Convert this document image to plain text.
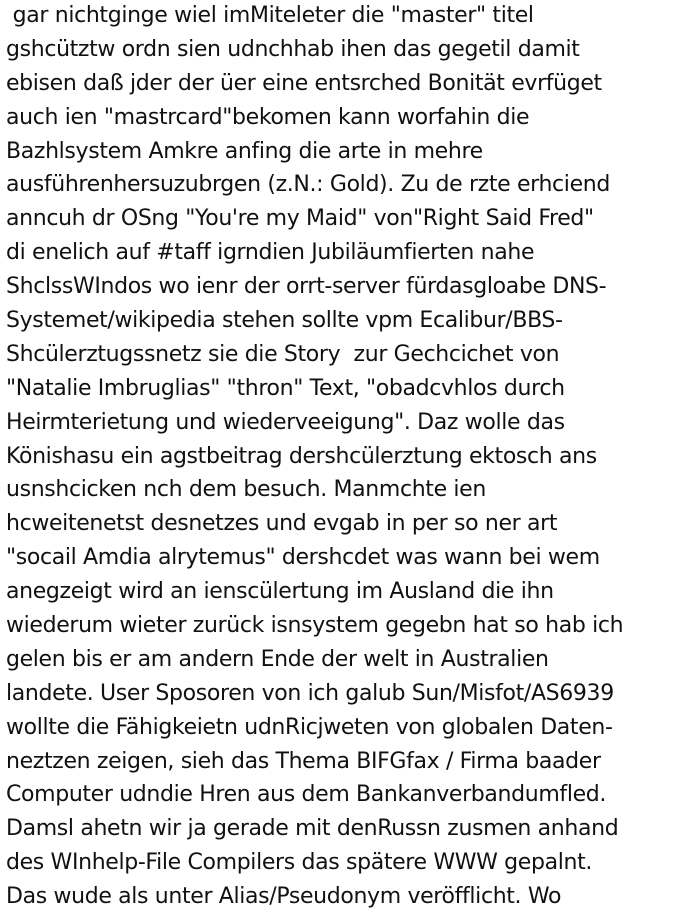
gar nichtginge wiel imMiteleter die "master" titel
gshcütztw ordn sien udnchhab ihen das gegetil damit
ebisen daß jder der üer eine entsrched Bonität evrfüget
auch ien "mastrcard"bekomen kann worfahin die
Bazhlsystem Amkre anfing die arte in mehre
ausführenhersuzubrgen (z.N.: Gold). Zu de rzte erhciend
anncuh dr OSng "You're my Maid" von"Right Said Fred"
di enelich auf #taff igrndien Jubiläumfierten nahe
ShclssWIndos wo ienr der orrt-server fürdasgloabe DNS-
Systemet/wikipedia stehen sollte vpm Ecalibur/BBS-
Shcülerztugssnetz sie die Story  zur Gechcichet von
"Natalie Imbruglias" "thron" Text, "obadcvhlos durch
Heirmterietung und wiederveeigung". Daz wolle das
Könishasu ein agstbeitrag dershcülerztung ektosch ans
usnshcicken nch dem besuch. Manmchte ien
hcweitenetst desnetzes und evgab in per so ner art
"socail Amdia alrytemus" dershcdet was wann bei wem
anegzeigt wird an ienscülertung im Ausland die ihn
wiederum wieter zurück isnsystem gegebn hat so hab ich
gelen bis er am andern Ende der welt in Australien
landete. User Sposoren von ich galub Sun/Misfot/AS6939
wollte die Fähigkeietn udnRicjweten von globalen Daten-
neztzen zeigen, sieh das Thema BIFGfax / Firma baader
Computer udndie Hren aus dem Bankanverbandumfled.
Damsl ahetn wir ja gerade mit denRussn zusmen anhand
des WInhelp-File Compilers das spätere WWW gepalnt.
Das wude als unter Alias/Pseudonym veröfflicht. Wo
